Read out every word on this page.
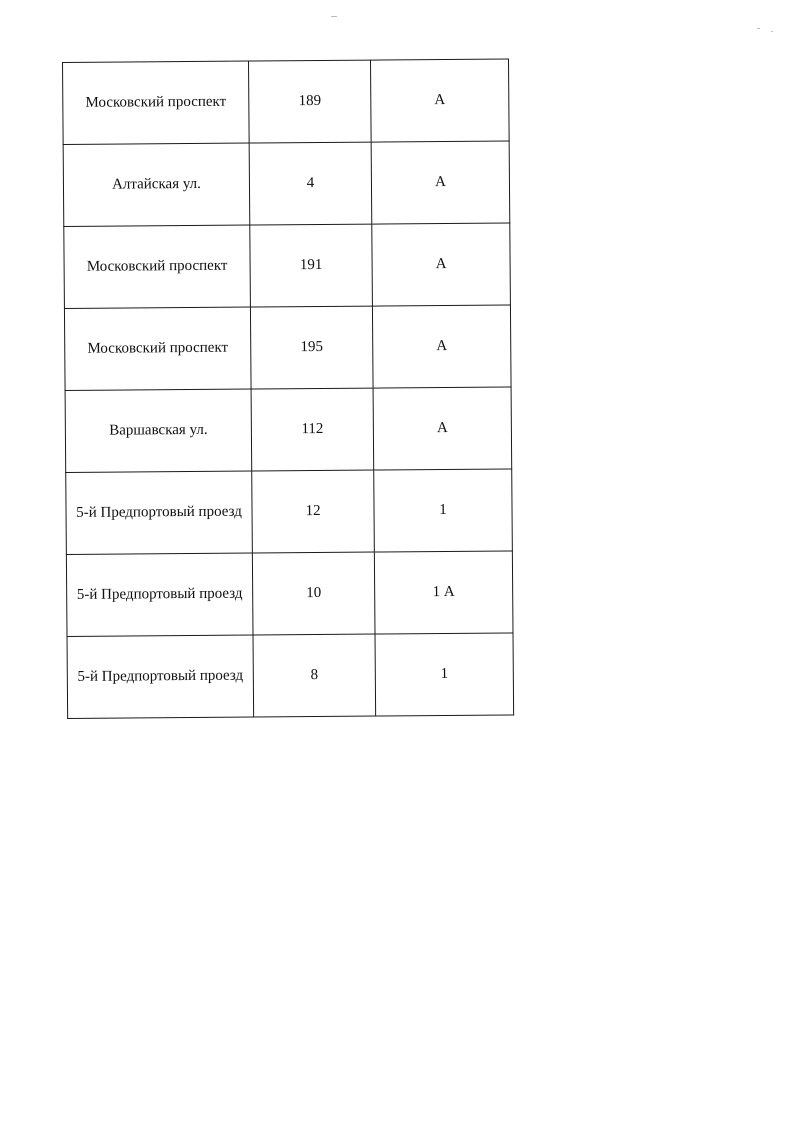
Московский проспект	189	А
Алтайская ул.	4	А
Московский проспект	191	А
Московский проспект	195	А
Варшавская ул.	112	А
5-й Предпортовый проезд	12	1
5-й Предпортовый проезд	10	1 А
5-й Предпортовый проезд	8	1
